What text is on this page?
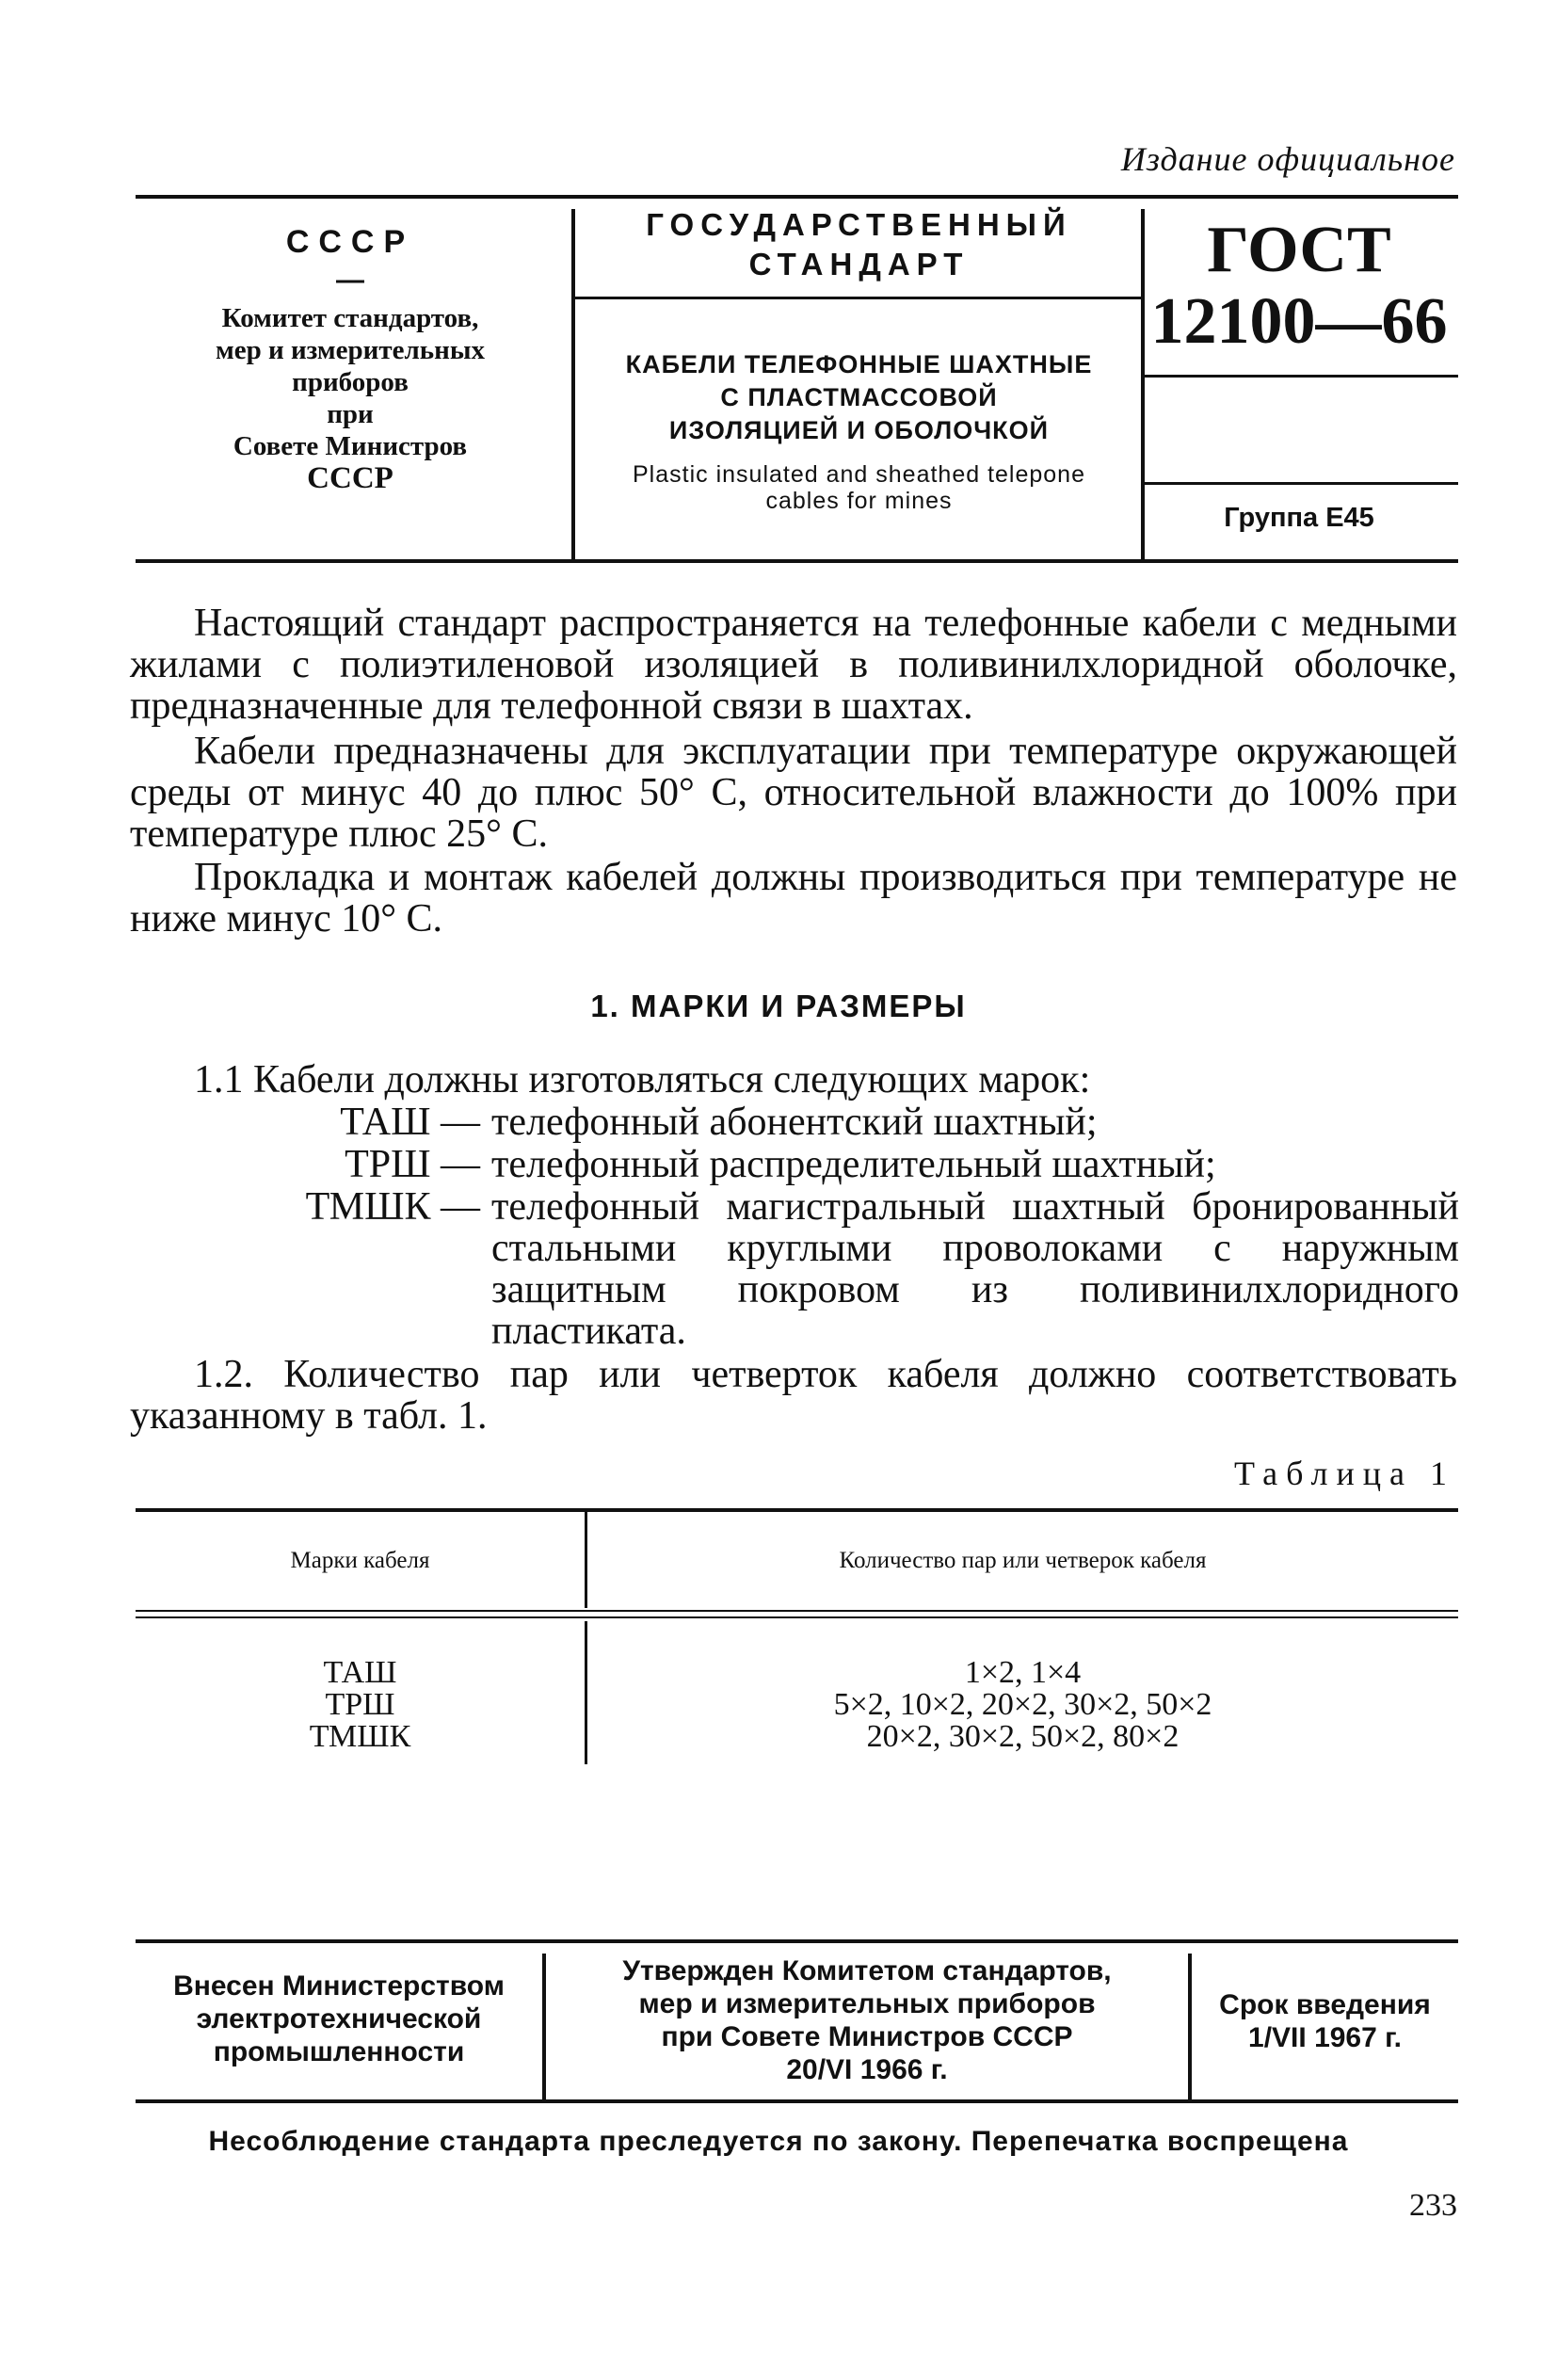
Издание официальное
СССР
—
Комитет стандартов,
мер и измерительных
приборов
при
Совете Министров
СССР
ГОСУДАРСТВЕННЫЙ
СТАНДАРТ
КАБЕЛИ ТЕЛЕФОННЫЕ ШАХТНЫЕ
С ПЛАСТМАССОВОЙ
ИЗОЛЯЦИЕЙ И ОБОЛОЧКОЙ
Plastic insulated and sheathed telepone
cables for mines
ГОСТ
12100—66
Группа Е45
Настоящий стандарт распространяется на телефонные кабели с медными жилами с полиэтиленовой изоляцией в поливинилхлоридной оболочке, предназначенные для телефонной связи в шахтах.
Кабели предназначены для эксплуатации при температуре окружающей среды от минус 40 до плюс 50° С, относительной влажности до 100% при температуре плюс 25° С.
Прокладка и монтаж кабелей должны производиться при температуре не ниже минус 10° С.
1. МАРКИ И РАЗМЕРЫ
1.1 Кабели должны изготовляться следующих марок:
ТАШ — телефонный абонентский шахтный;
ТРШ — телефонный распределительный шахтный;
ТМШК — телефонный магистральный шахтный бронированный стальными круглыми проволоками с наружным защитным покровом из поливинилхлоридного пластиката.
1.2. Количество пар или четверток кабеля должно соответствовать указанному в табл. 1.
Таблица 1
Марки кабеля	Количество пар или четверок кабеля
ТАШ	1×2, 1×4
ТРШ	5×2, 10×2, 20×2, 30×2, 50×2
ТМШК	20×2, 30×2, 50×2, 80×2
Внесен Министерством
электротехнической
промышленности
Утвержден Комитетом стандартов,
мер и измерительных приборов
при Совете Министров СССР
20/VI 1966 г.
Срок введения
1/VII 1967 г.
Несоблюдение стандарта преследуется по закону. Перепечатка воспрещена
233
